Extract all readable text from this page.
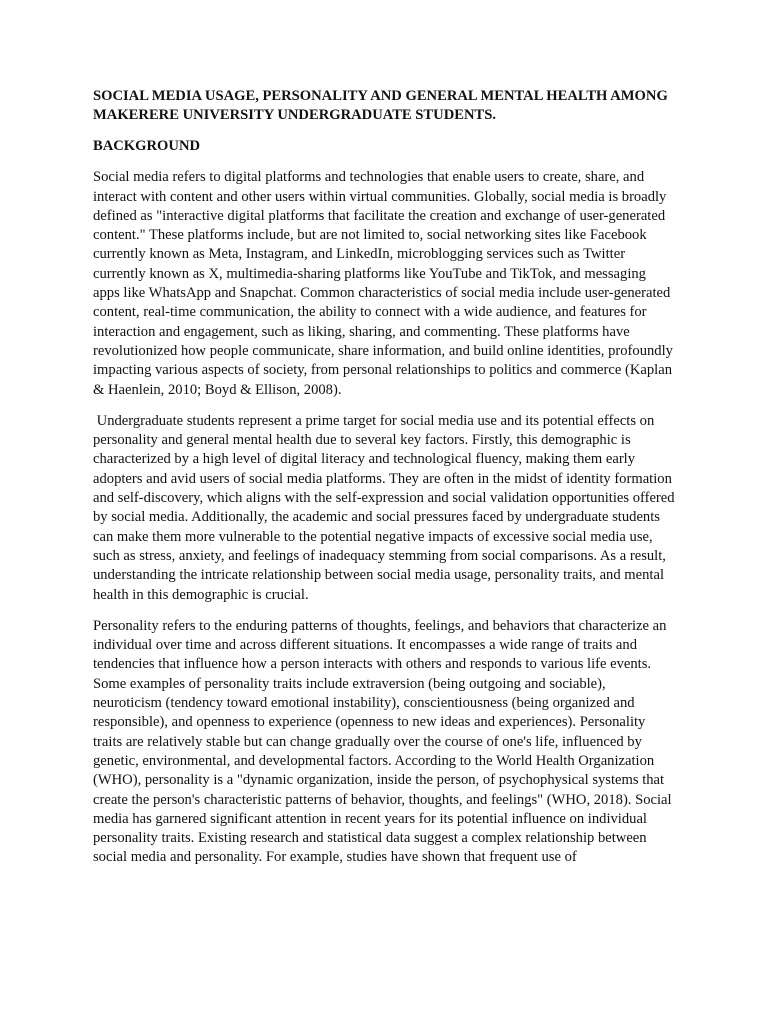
SOCIAL MEDIA USAGE, PERSONALITY AND GENERAL MENTAL HEALTH AMONG MAKERERE UNIVERSITY UNDERGRADUATE STUDENTS.

BACKGROUND

Social media refers to digital platforms and technologies that enable users to create, share, and interact with content and other users within virtual communities. Globally, social media is broadly defined as "interactive digital platforms that facilitate the creation and exchange of user-generated content." These platforms include, but are not limited to, social networking sites like Facebook currently known as Meta, Instagram, and LinkedIn, microblogging services such as Twitter currently known as X, multimedia-sharing platforms like YouTube and TikTok, and messaging apps like WhatsApp and Snapchat. Common characteristics of social media include user-generated content, real-time communication, the ability to connect with a wide audience, and features for interaction and engagement, such as liking, sharing, and commenting. These platforms have revolutionized how people communicate, share information, and build online identities, profoundly impacting various aspects of society, from personal relationships to politics and commerce (Kaplan & Haenlein, 2010; Boyd & Ellison, 2008).

Undergraduate students represent a prime target for social media use and its potential effects on personality and general mental health due to several key factors. Firstly, this demographic is characterized by a high level of digital literacy and technological fluency, making them early adopters and avid users of social media platforms. They are often in the midst of identity formation and self-discovery, which aligns with the self-expression and social validation opportunities offered by social media. Additionally, the academic and social pressures faced by undergraduate students can make them more vulnerable to the potential negative impacts of excessive social media use, such as stress, anxiety, and feelings of inadequacy stemming from social comparisons. As a result, understanding the intricate relationship between social media usage, personality traits, and mental health in this demographic is crucial.

Personality refers to the enduring patterns of thoughts, feelings, and behaviors that characterize an individual over time and across different situations. It encompasses a wide range of traits and tendencies that influence how a person interacts with others and responds to various life events. Some examples of personality traits include extraversion (being outgoing and sociable), neuroticism (tendency toward emotional instability), conscientiousness (being organized and responsible), and openness to experience (openness to new ideas and experiences). Personality traits are relatively stable but can change gradually over the course of one's life, influenced by genetic, environmental, and developmental factors. According to the World Health Organization (WHO), personality is a "dynamic organization, inside the person, of psychophysical systems that create the person's characteristic patterns of behavior, thoughts, and feelings" (WHO, 2018). Social media has garnered significant attention in recent years for its potential influence on individual personality traits. Existing research and statistical data suggest a complex relationship between social media and personality. For example, studies have shown that frequent use of
